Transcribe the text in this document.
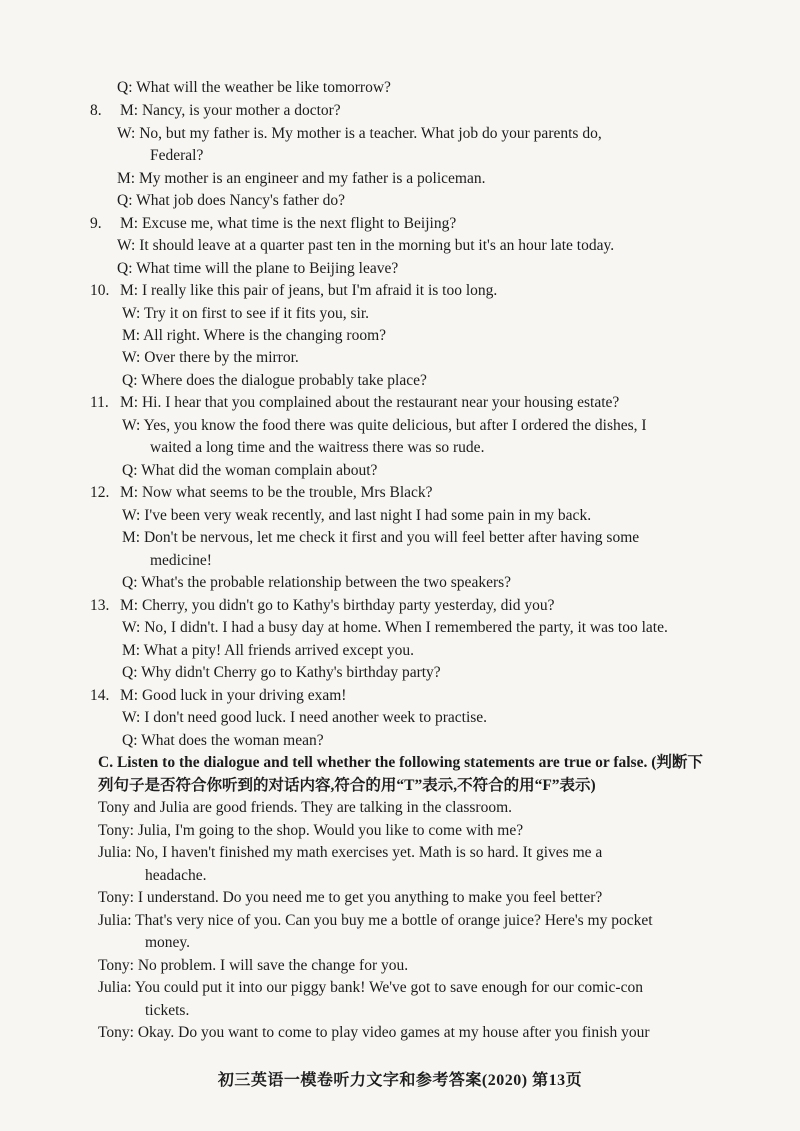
Q: What will the weather be like tomorrow?
8. M: Nancy, is your mother a doctor?
W: No, but my father is. My mother is a teacher. What job do your parents do,
Federal?
M: My mother is an engineer and my father is a policeman.
Q: What job does Nancy's father do?
9. M: Excuse me, what time is the next flight to Beijing?
W: It should leave at a quarter past ten in the morning but it's an hour late today.
Q: What time will the plane to Beijing leave?
10. M: I really like this pair of jeans, but I'm afraid it is too long.
W: Try it on first to see if it fits you, sir.
M: All right. Where is the changing room?
W: Over there by the mirror.
Q: Where does the dialogue probably take place?
11. M: Hi. I hear that you complained about the restaurant near your housing estate?
W: Yes, you know the food there was quite delicious, but after I ordered the dishes, I
waited a long time and the waitress there was so rude.
Q: What did the woman complain about?
12. M: Now what seems to be the trouble, Mrs Black?
W: I've been very weak recently, and last night I had some pain in my back.
M: Don't be nervous, let me check it first and you will feel better after having some
medicine!
Q: What's the probable relationship between the two speakers?
13. M: Cherry, you didn't go to Kathy's birthday party yesterday, did you?
W: No, I didn't. I had a busy day at home. When I remembered the party, it was too late.
M: What a pity! All friends arrived except you.
Q: Why didn't Cherry go to Kathy's birthday party?
14. M: Good luck in your driving exam!
W: I don't need good luck. I need another week to practise.
Q: What does the woman mean?
C. Listen to the dialogue and tell whether the following statements are true or false. (判断下
列句子是否符合你听到的对话内容,符合的用“T”表示,不符合的用“F”表示)
Tony and Julia are good friends. They are talking in the classroom.
Tony: Julia, I'm going to the shop. Would you like to come with me?
Julia: No, I haven't finished my math exercises yet. Math is so hard. It gives me a
headache.
Tony: I understand. Do you need me to get you anything to make you feel better?
Julia: That's very nice of you. Can you buy me a bottle of orange juice? Here's my pocket
money.
Tony: No problem. I will save the change for you.
Julia: You could put it into our piggy bank! We've got to save enough for our comic-con
tickets.
Tony: Okay. Do you want to come to play video games at my house after you finish your
初三英语一模卷听力文字和参考答案(2020) 第13页
